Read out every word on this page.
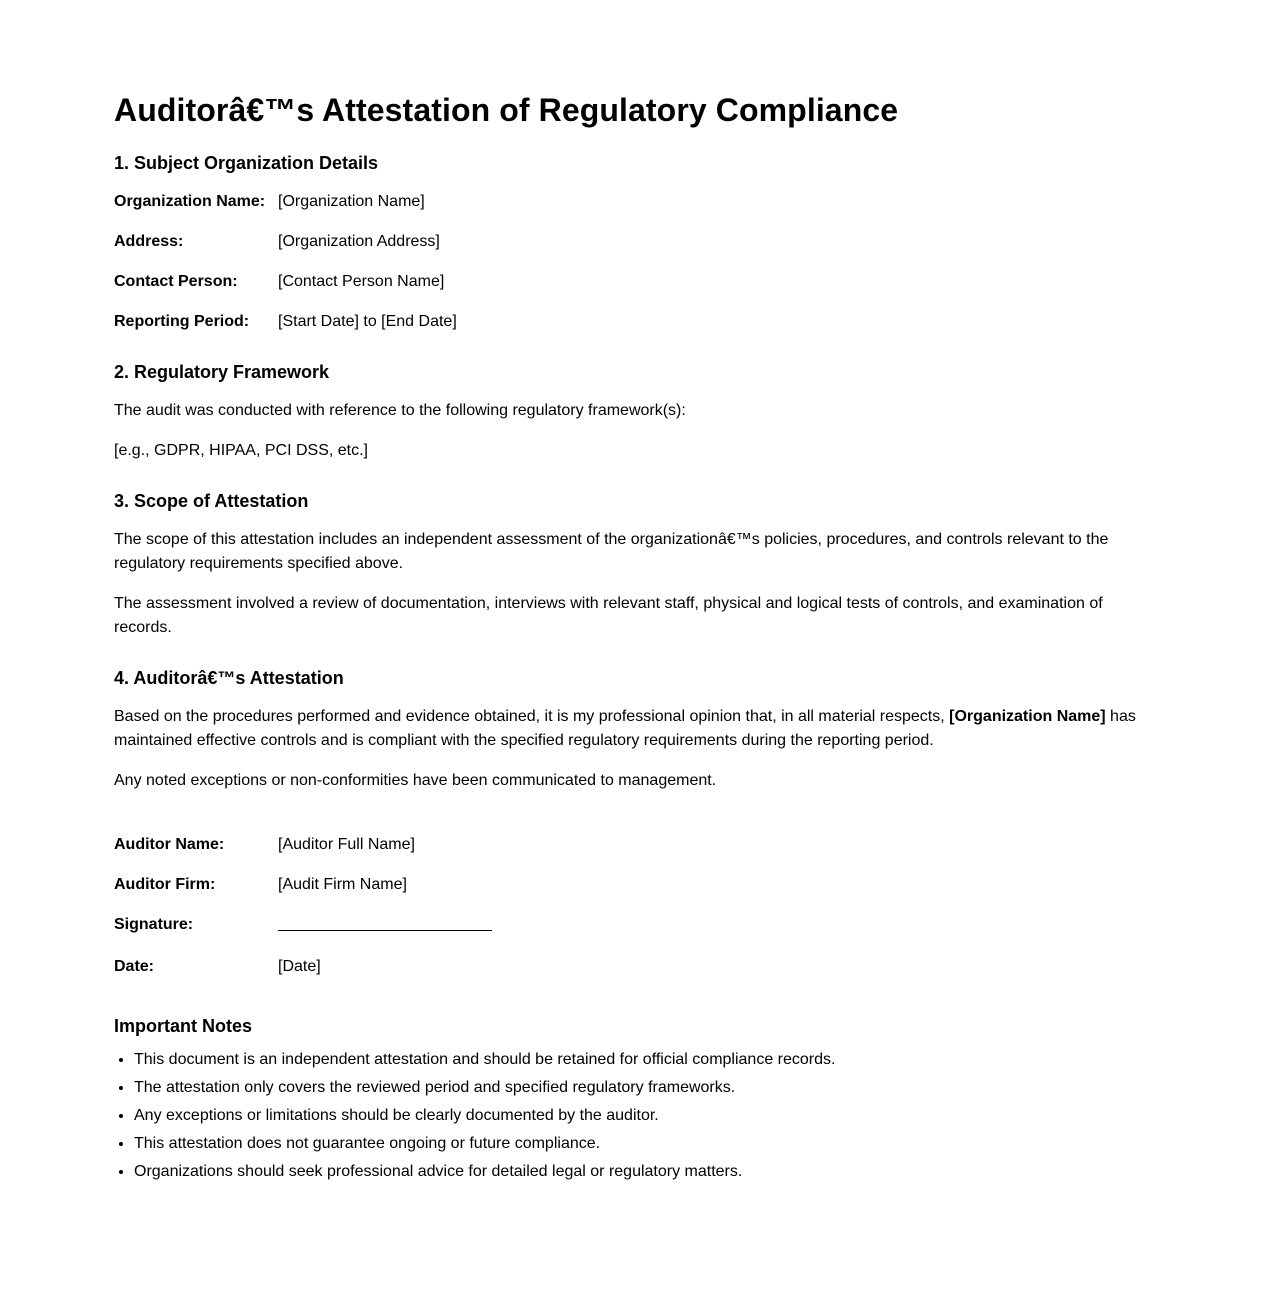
Auditorâ€™s Attestation of Regulatory Compliance
1. Subject Organization Details
Organization Name: [Organization Name]
Address:	[Organization Address]
Contact Person:	[Contact Person Name]
Reporting Period:	[Start Date] to [End Date]
2. Regulatory Framework

The audit was conducted with reference to the following regulatory framework(s):

[e.g., GDPR, HIPAA, PCI DSS, etc.]

3. Scope of Attestation

The scope of this attestation includes an independent assessment of the organizationâ€™s policies, procedures, and controls relevant to the regulatory requirements specified above.

The assessment involved a review of documentation, interviews with relevant staff, physical and logical tests of controls, and examination of records.

4. Auditorâ€™s Attestation

Based on the procedures performed and evidence obtained, it is my professional opinion that, in all material respects, [Organization Name] has maintained effective controls and is compliant with the specified regulatory requirements during the reporting period.

Any noted exceptions or non-conformities have been communicated to management.

Auditor Name:	[Auditor Full Name]
Auditor Firm:	[Audit Firm Name]
Signature:
Date:	[Date]
Important Notes
• This document is an independent attestation and should be retained for official compliance records.
• The attestation only covers the reviewed period and specified regulatory frameworks.
• Any exceptions or limitations should be clearly documented by the auditor.
• This attestation does not guarantee ongoing or future compliance.
• Organizations should seek professional advice for detailed legal or regulatory matters.
